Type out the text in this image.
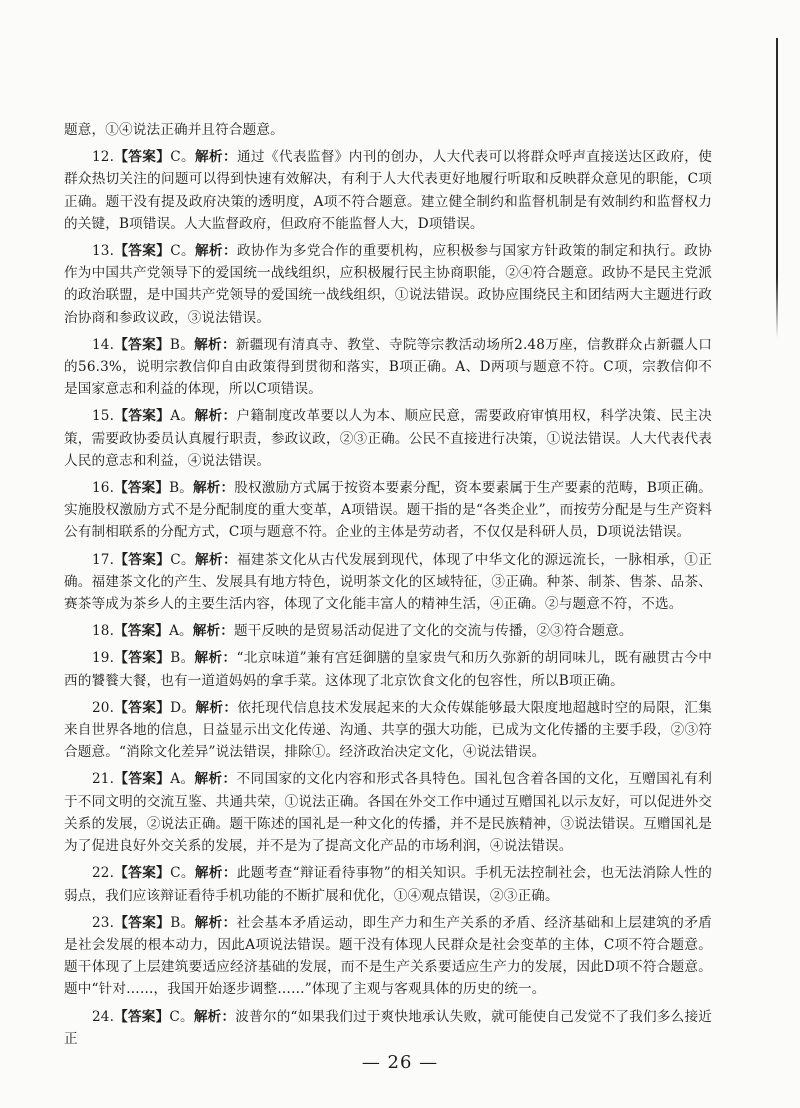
题意，①④说法正确并且符合题意。

12.【答案】C。解析：通过《代表监督》内刊的创办，人大代表可以将群众呼声直接送达区政府，使群众热切关注的问题可以得到快速有效解决，有利于人大代表更好地履行听取和反映群众意见的职能，C项正确。题干没有提及政府决策的透明度，A项不符合题意。建立健全制约和监督机制是有效制约和监督权力的关键，B项错误。人大监督政府，但政府不能监督人大，D项错误。

13.【答案】C。解析：政协作为多党合作的重要机构，应积极参与国家方针政策的制定和执行。政协作为中国共产党领导下的爱国统一战线组织，应积极履行民主协商职能，②④符合题意。政协不是民主党派的政治联盟，是中国共产党领导的爱国统一战线组织，①说法错误。政协应围绕民主和团结两大主题进行政治协商和参政议政，③说法错误。

14.【答案】B。解析：新疆现有清真寺、教堂、寺院等宗教活动场所2.48万座，信教群众占新疆人口的56.3%，说明宗教信仰自由政策得到贯彻和落实，B项正确。A、D两项与题意不符。C项，宗教信仰不是国家意志和利益的体现，所以C项错误。

15.【答案】A。解析：户籍制度改革要以人为本、顺应民意，需要政府审慎用权，科学决策、民主决策，需要政协委员认真履行职责，参政议政，②③正确。公民不直接进行决策，①说法错误。人大代表代表人民的意志和利益，④说法错误。

16.【答案】B。解析：股权激励方式属于按资本要素分配，资本要素属于生产要素的范畴，B项正确。实施股权激励方式不是分配制度的重大变革，A项错误。题干指的是“各类企业”，而按劳分配是与生产资料公有制相联系的分配方式，C项与题意不符。企业的主体是劳动者，不仅仅是科研人员，D项说法错误。

17.【答案】C。解析：福建茶文化从古代发展到现代，体现了中华文化的源远流长，一脉相承，①正确。福建茶文化的产生、发展具有地方特色，说明茶文化的区域特征，③正确。种茶、制茶、售茶、品茶、赛茶等成为茶乡人的主要生活内容，体现了文化能丰富人的精神生活，④正确。②与题意不符，不选。

18.【答案】A。解析：题干反映的是贸易活动促进了文化的交流与传播，②③符合题意。

19.【答案】B。解析：“北京味道”兼有宫廷御膳的皇家贵气和历久弥新的胡同味儿，既有融贯古今中西的饕餮大餐，也有一道道妈妈的拿手菜。这体现了北京饮食文化的包容性，所以B项正确。

20.【答案】D。解析：依托现代信息技术发展起来的大众传媒能够最大限度地超越时空的局限，汇集来自世界各地的信息，日益显示出文化传递、沟通、共享的强大功能，已成为文化传播的主要手段，②③符合题意。“消除文化差异”说法错误，排除①。经济政治决定文化，④说法错误。

21.【答案】A。解析：不同国家的文化内容和形式各具特色。国礼包含着各国的文化，互赠国礼有利于不同文明的交流互鉴、共通共荣，①说法正确。各国在外交工作中通过互赠国礼以示友好，可以促进外交关系的发展，②说法正确。题干陈述的国礼是一种文化的传播，并不是民族精神，③说法错误。互赠国礼是为了促进良好外交关系的发展，并不是为了提高文化产品的市场利润，④说法错误。

22.【答案】C。解析：此题考查“辩证看待事物”的相关知识。手机无法控制社会，也无法消除人性的弱点，我们应该辩证看待手机功能的不断扩展和优化，①④观点错误，②③正确。

23.【答案】B。解析：社会基本矛盾运动，即生产力和生产关系的矛盾、经济基础和上层建筑的矛盾是社会发展的根本动力，因此A项说法错误。题干没有体现人民群众是社会变革的主体，C项不符合题意。题干体现了上层建筑要适应经济基础的发展，而不是生产关系要适应生产力的发展，因此D项不符合题意。题中“针对……，我国开始逐步调整……”体现了主观与客观具体的历史的统一。

24.【答案】C。解析：波普尔的“如果我们过于爽快地承认失败，就可能使自己发觉不了我们多么接近正

— 26 —
